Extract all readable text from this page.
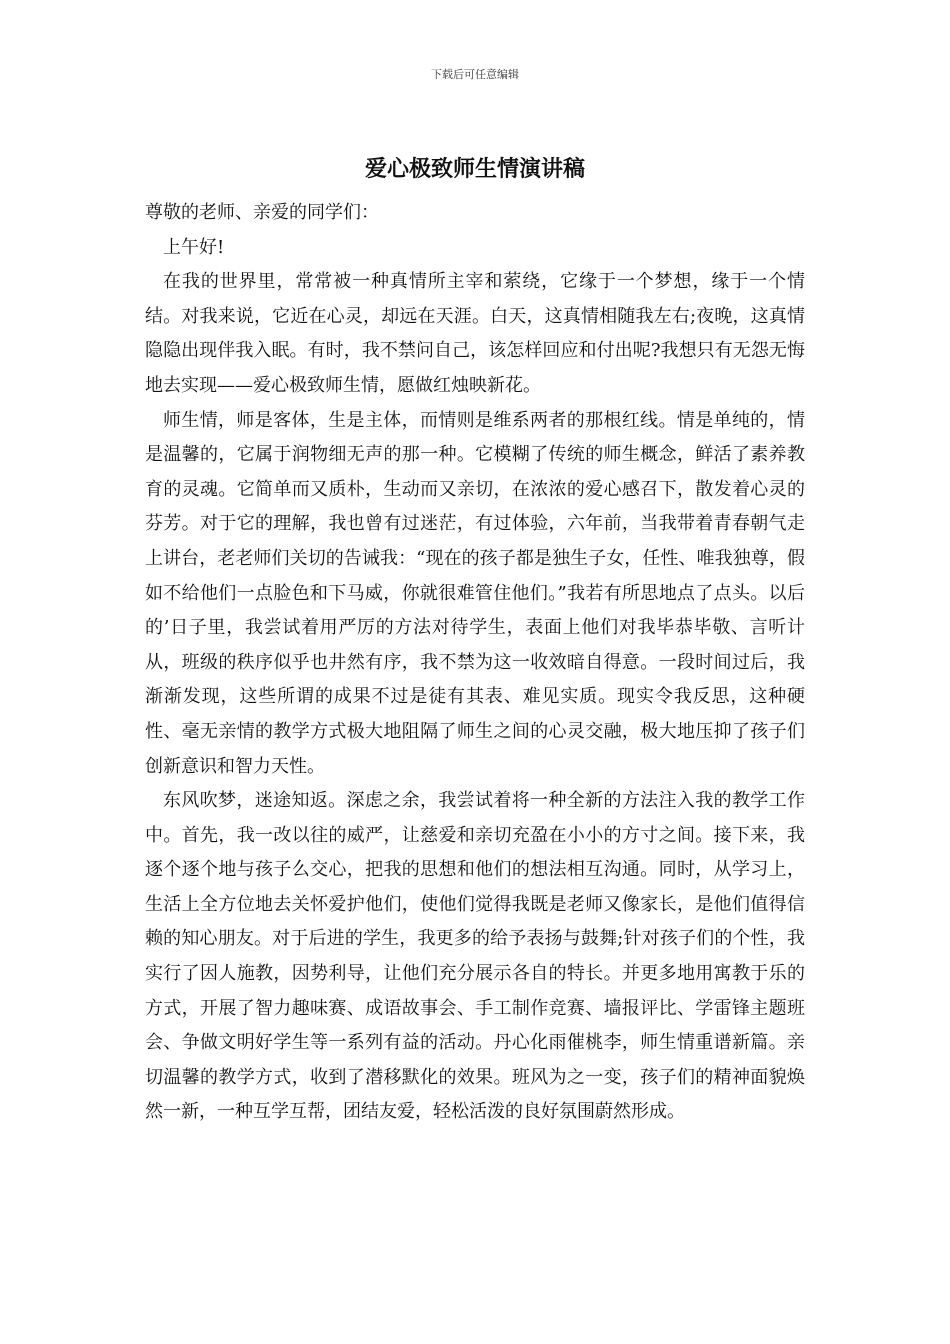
下载后可任意编辑
爱心极致师生情演讲稿

尊敬的老师、亲爱的同学们：

上午好!

在我的世界里，常常被一种真情所主宰和萦绕，它缘于一个梦想，缘于一个情结。对我来说，它近在心灵，却远在天涯。白天，这真情相随我左右;夜晚，这真情隐隐出现伴我入眠。有时，我不禁问自己，该怎样回应和付出呢?我想只有无怨无悔地去实现——爱心极致师生情，愿做红烛映新花。

师生情，师是客体，生是主体，而情则是维系两者的那根红线。情是单纯的，情是温馨的，它属于润物细无声的那一种。它模糊了传统的师生概念，鲜活了素养教育的灵魂。它简单而又质朴，生动而又亲切，在浓浓的爱心感召下，散发着心灵的芬芳。对于它的理解，我也曾有过迷茫，有过体验，六年前，当我带着青春朝气走上讲台，老老师们关切的告诫我：“现在的孩子都是独生子女，任性、唯我独尊，假如不给他们一点脸色和下马威，你就很难管住他们。”我若有所思地点了点头。以后的’日子里，我尝试着用严厉的方法对待学生，表面上他们对我毕恭毕敬、言听计从，班级的秩序似乎也井然有序，我不禁为这一收效暗自得意。一段时间过后，我渐渐发现，这些所谓的成果不过是徒有其表、难见实质。现实令我反思，这种硬性、毫无亲情的教学方式极大地阻隔了师生之间的心灵交融，极大地压抑了孩子们创新意识和智力天性。

东风吹梦，迷途知返。深虑之余，我尝试着将一种全新的方法注入我的教学工作中。首先，我一改以往的威严，让慈爱和亲切充盈在小小的方寸之间。接下来，我逐个逐个地与孩子么交心，把我的思想和他们的想法相互沟通。同时，从学习上，生活上全方位地去关怀爱护他们，使他们觉得我既是老师又像家长，是他们值得信赖的知心朋友。对于后进的学生，我更多的给予表扬与鼓舞;针对孩子们的个性，我实行了因人施教，因势利导，让他们充分展示各自的特长。并更多地用寓教于乐的方式，开展了智力趣味赛、成语故事会、手工制作竞赛、墙报评比、学雷锋主题班会、争做文明好学生等一系列有益的活动。丹心化雨催桃李，师生情重谱新篇。亲切温馨的教学方式，收到了潜移默化的效果。班风为之一变，孩子们的精神面貌焕然一新，一种互学互帮，团结友爱，轻松活泼的良好氛围蔚然形成。
